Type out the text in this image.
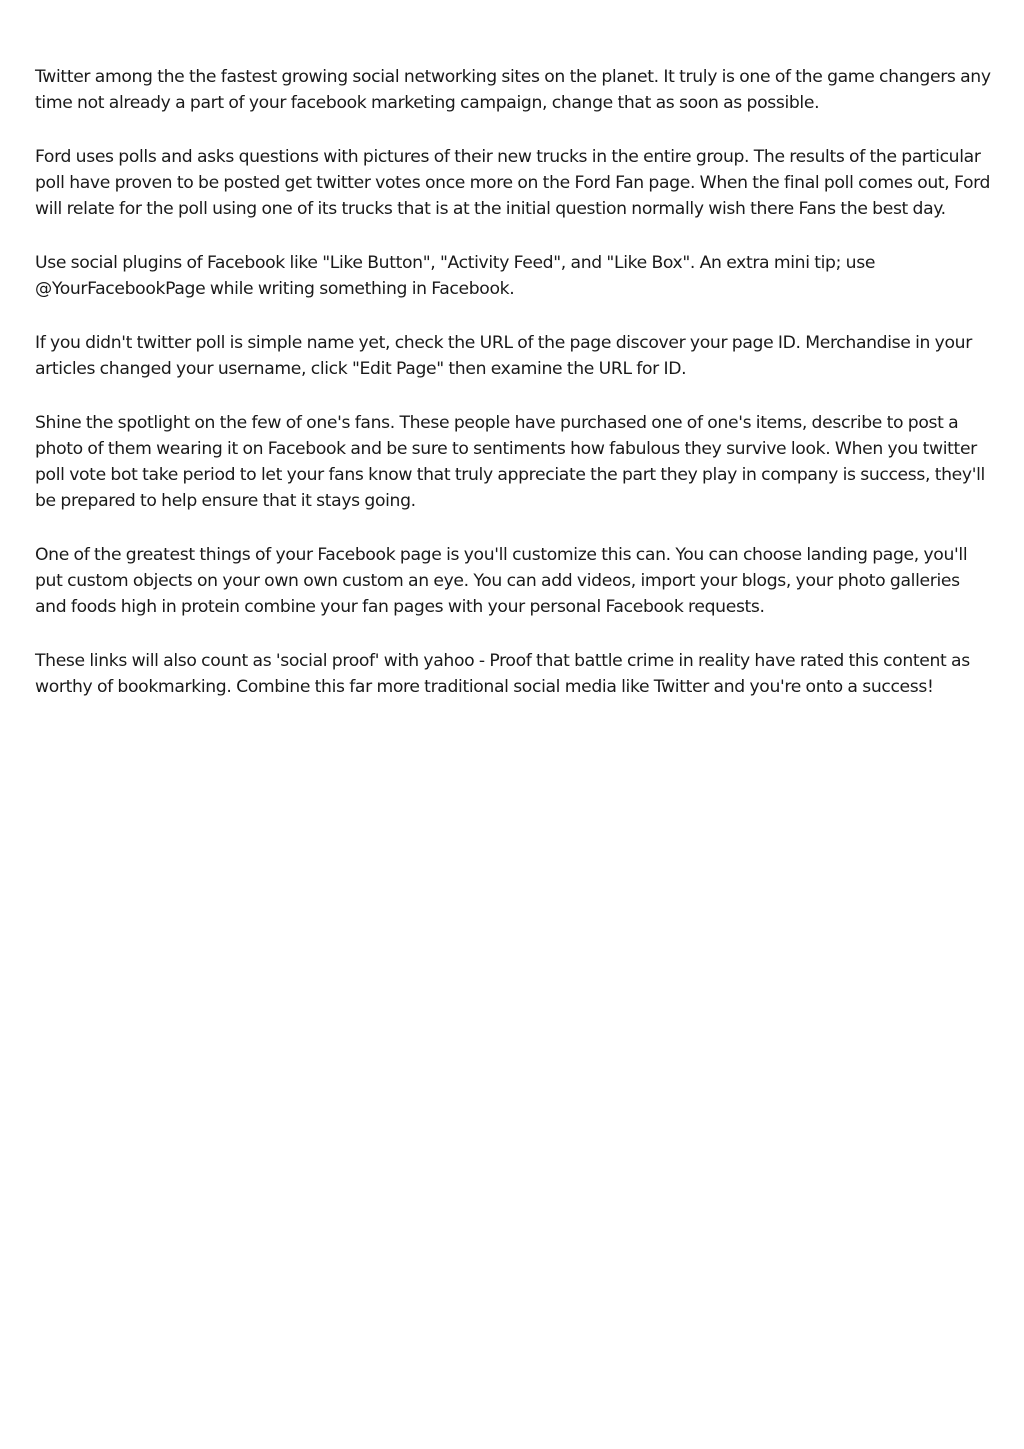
Twitter among the the fastest growing social networking sites on the planet. It truly is one of the game changers any time not already a part of your facebook marketing campaign, change that as soon as possible.

Ford uses polls and asks questions with pictures of their new trucks in the entire group. The results of the particular poll have proven to be posted get twitter votes once more on the Ford Fan page. When the final poll comes out, Ford will relate for the poll using one of its trucks that is at the initial question normally wish there Fans the best day.

Use social plugins of Facebook like "Like Button", "Activity Feed", and "Like Box". An extra mini tip; use @YourFacebookPage while writing something in Facebook.

If you didn't twitter poll is simple name yet, check the URL of the page discover your page ID. Merchandise in your articles changed your username, click "Edit Page" then examine the URL for ID.

Shine the spotlight on the few of one's fans. These people have purchased one of one's items, describe to post a photo of them wearing it on Facebook and be sure to sentiments how fabulous they survive look. When you twitter poll vote bot take period to let your fans know that truly appreciate the part they play in company is success, they'll be prepared to help ensure that it stays going.

One of the greatest things of your Facebook page is you'll customize this can. You can choose landing page, you'll put custom objects on your own own custom an eye. You can add videos, import your blogs, your photo galleries and foods high in protein combine your fan pages with your personal Facebook requests.

These links will also count as 'social proof' with yahoo - Proof that battle crime in reality have rated this content as worthy of bookmarking. Combine this far more traditional social media like Twitter and you're onto a success!
